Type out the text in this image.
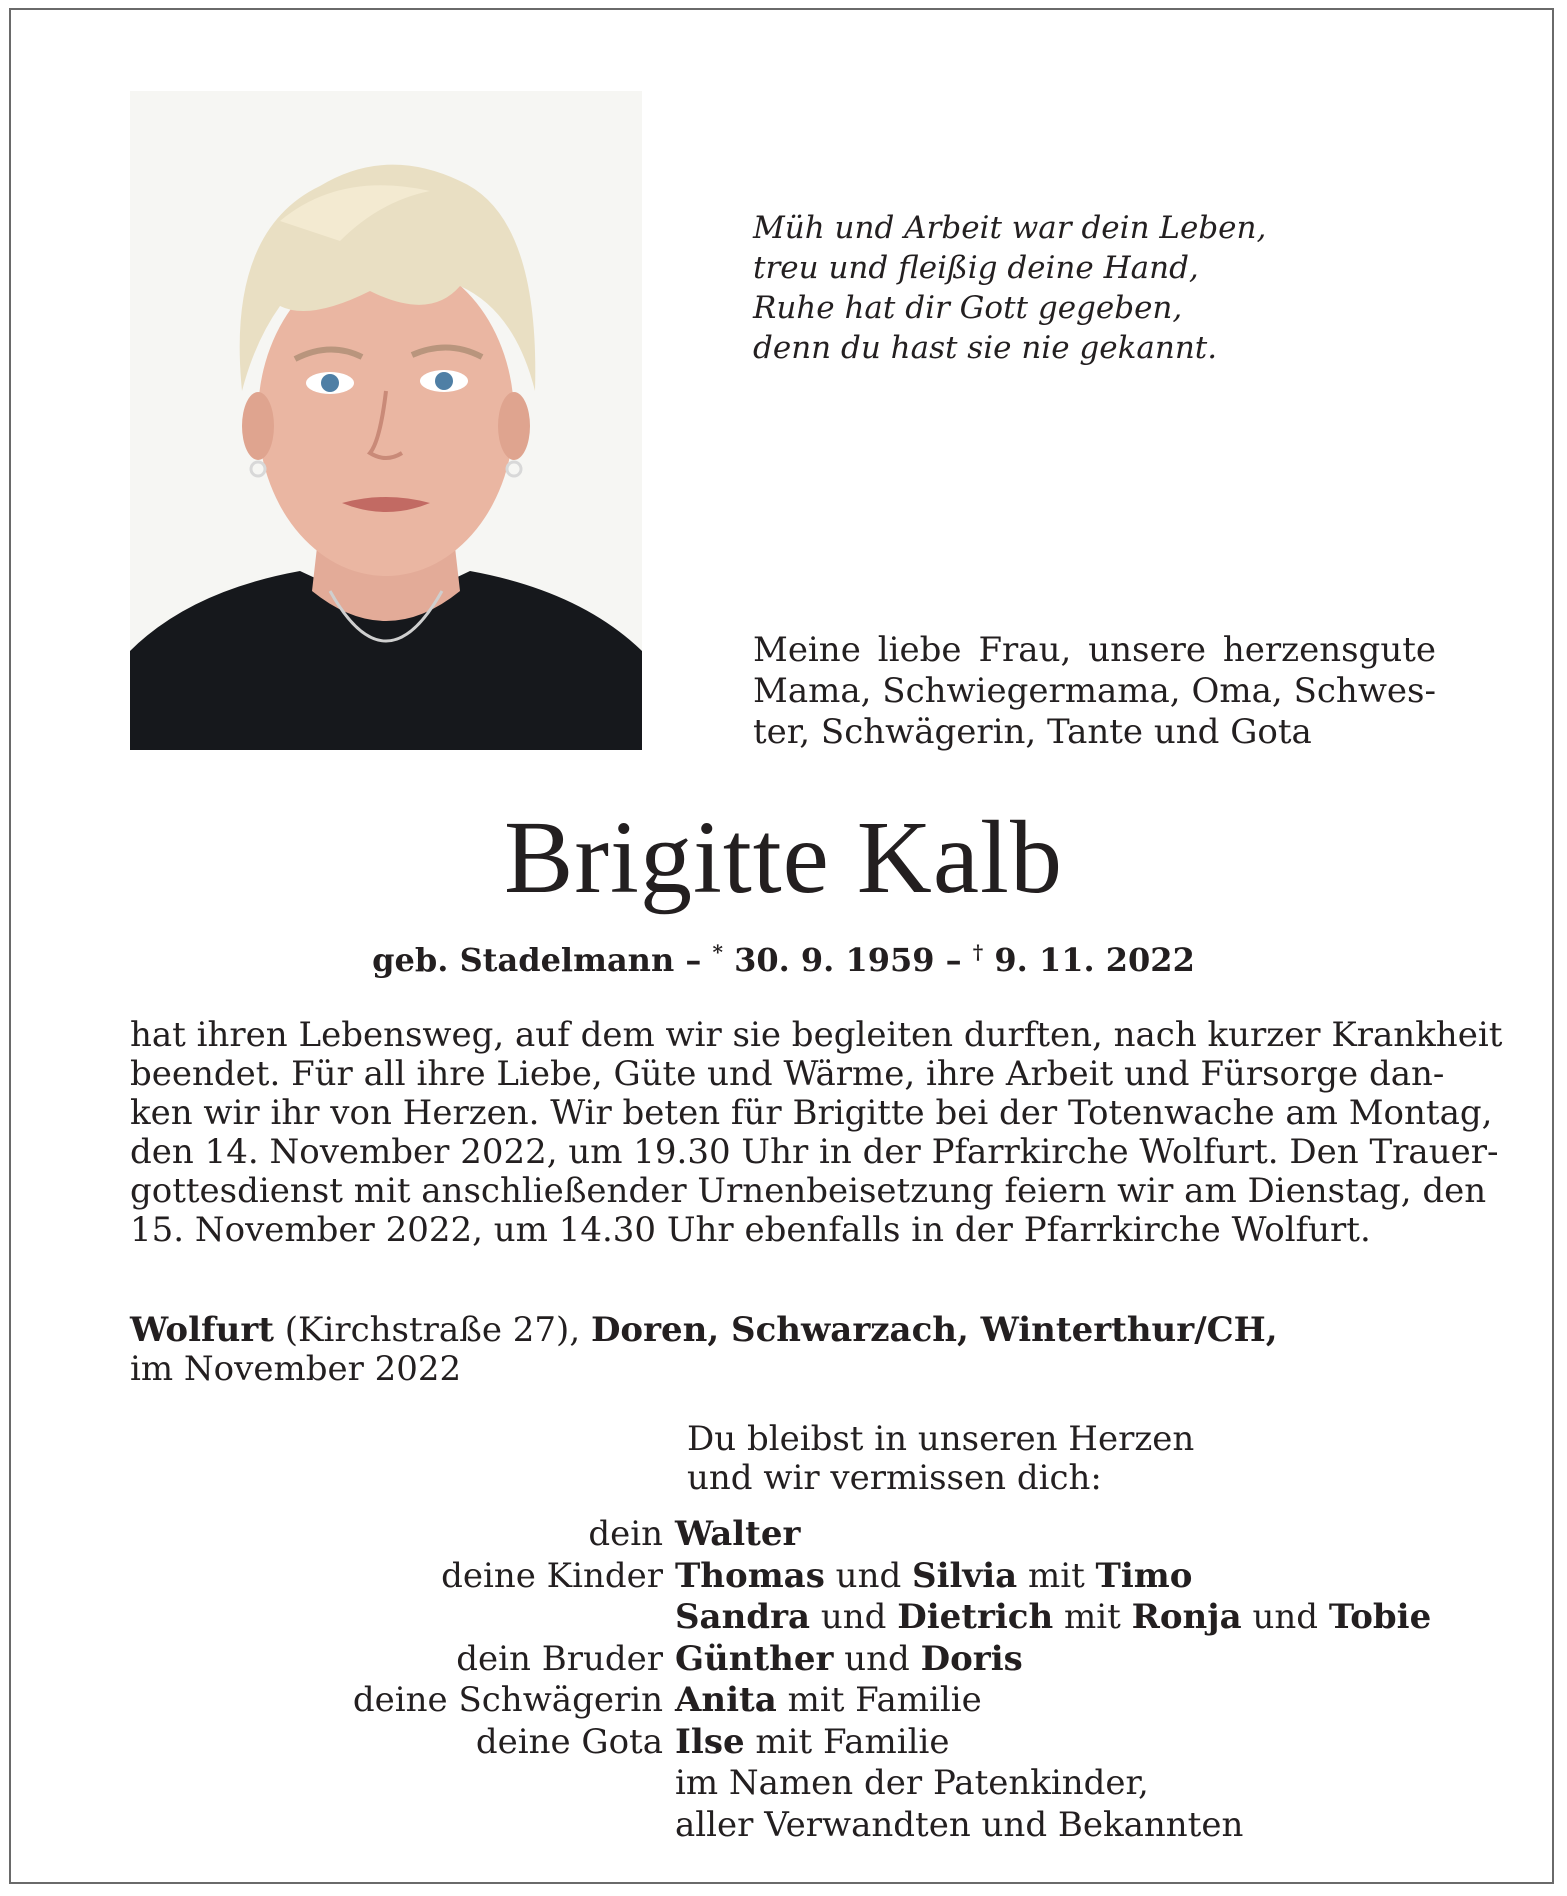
Müh und Arbeit war dein Leben,
treu und fleißig deine Hand,
Ruhe hat dir Gott gegeben,
denn du hast sie nie gekannt.
Meine liebe Frau, unsere herzensgute
Mama, Schwiegermama, Oma, Schwes-
ter, Schwägerin, Tante und Gota
Brigitte Kalb
geb. Stadelmann – * 30. 9. 1959 – † 9. 11. 2022
hat ihren Lebensweg, auf dem wir sie begleiten durften, nach kurzer Krankheit
beendet. Für all ihre Liebe, Güte und Wärme, ihre Arbeit und Fürsorge dan-
ken wir ihr von Herzen. Wir beten für Brigitte bei der Totenwache am Montag,
den 14. November 2022, um 19.30 Uhr in der Pfarrkirche Wolfurt. Den Trauer-
gottesdienst mit anschließender Urnenbeisetzung feiern wir am Dienstag, den
15. November 2022, um 14.30 Uhr ebenfalls in der Pfarrkirche Wolfurt.
Wolfurt (Kirchstraße 27), Doren, Schwarzach, Winterthur/CH,
im November 2022
Du bleibst in unseren Herzen
und wir vermissen dich:
dein Walter
deine Kinder Thomas und Silvia mit Timo
Sandra und Dietrich mit Ronja und Tobie
dein Bruder Günther und Doris
deine Schwägerin Anita mit Familie
deine Gota Ilse mit Familie
im Namen der Patenkinder,
aller Verwandten und Bekannten
